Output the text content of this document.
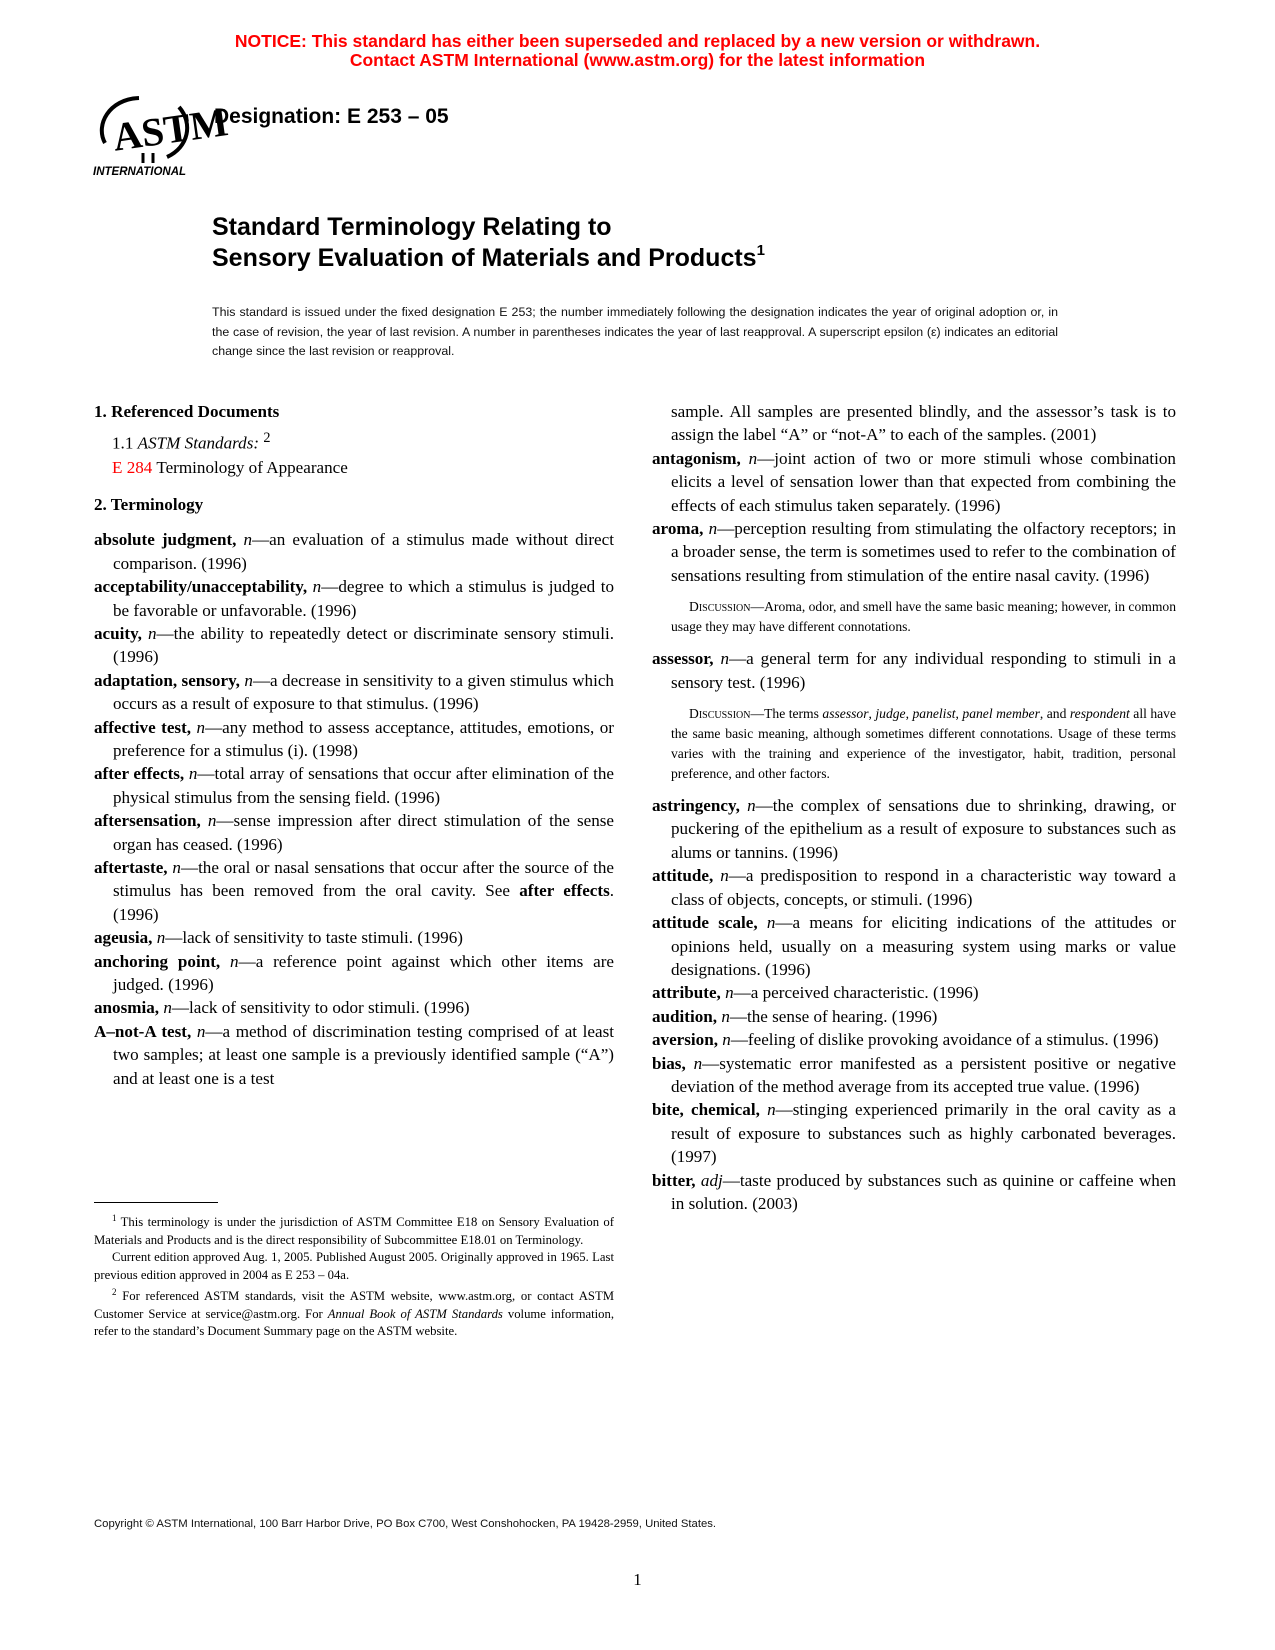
NOTICE: This standard has either been superseded and replaced by a new version or withdrawn.
Contact ASTM International (www.astm.org) for the latest information
ASTM
INTERNATIONAL
Designation: E 253 – 05
Standard Terminology Relating to
Sensory Evaluation of Materials and Products$^1$
This standard is issued under the fixed designation E 253; the number immediately following the designation indicates the year of original adoption or, in the case of revision, the year of last revision. A number in parentheses indicates the year of last reapproval. A superscript epsilon (ε) indicates an editorial change since the last revision or reapproval.
1. Referenced Documents

1.1 ASTM Standards: $^2$

E 284 Terminology of Appearance

2. Terminology

absolute judgment, n—an evaluation of a stimulus made without direct comparison. (1996)

acceptability/unacceptability, n—degree to which a stimulus is judged to be favorable or unfavorable. (1996)

acuity, n—the ability to repeatedly detect or discriminate sensory stimuli. (1996)

adaptation, sensory, n—a decrease in sensitivity to a given stimulus which occurs as a result of exposure to that stimulus. (1996)

affective test, n—any method to assess acceptance, attitudes, emotions, or preference for a stimulus (i). (1998)

after effects, n—total array of sensations that occur after elimination of the physical stimulus from the sensing field. (1996)

aftersensation, n—sense impression after direct stimulation of the sense organ has ceased. (1996)

aftertaste, n—the oral or nasal sensations that occur after the source of the stimulus has been removed from the oral cavity. See after effects. (1996)

ageusia, n—lack of sensitivity to taste stimuli. (1996)

anchoring point, n—a reference point against which other items are judged. (1996)

anosmia, n—lack of sensitivity to odor stimuli. (1996)

A–not-A test, n—a method of discrimination testing comprised of at least two samples; at least one sample is a previously identified sample (“A”) and at least one is a test

sample. All samples are presented blindly, and the assessor’s task is to assign the label “A” or “not-A” to each of the samples. (2001)

antagonism, n—joint action of two or more stimuli whose combination elicits a level of sensation lower than that expected from combining the effects of each stimulus taken separately. (1996)

aroma, n—perception resulting from stimulating the olfactory receptors; in a broader sense, the term is sometimes used to refer to the combination of sensations resulting from stimulation of the entire nasal cavity. (1996)

Discussion—Aroma, odor, and smell have the same basic meaning; however, in common usage they may have different connotations.

assessor, n—a general term for any individual responding to stimuli in a sensory test. (1996)

Discussion—The terms assessor, judge, panelist, panel member, and respondent all have the same basic meaning, although sometimes different connotations. Usage of these terms varies with the training and experience of the investigator, habit, tradition, personal preference, and other factors.

astringency, n—the complex of sensations due to shrinking, drawing, or puckering of the epithelium as a result of exposure to substances such as alums or tannins. (1996)

attitude, n—a predisposition to respond in a characteristic way toward a class of objects, concepts, or stimuli. (1996)

attitude scale, n—a means for eliciting indications of the attitudes or opinions held, usually on a measuring system using marks or value designations. (1996)

attribute, n—a perceived characteristic. (1996)

audition, n—the sense of hearing. (1996)

aversion, n—feeling of dislike provoking avoidance of a stimulus. (1996)

bias, n—systematic error manifested as a persistent positive or negative deviation of the method average from its accepted true value. (1996)

bite, chemical, n—stinging experienced primarily in the oral cavity as a result of exposure to substances such as highly carbonated beverages. (1997)

bitter, adj—taste produced by substances such as quinine or caffeine when in solution. (2003)

$^1$ This terminology is under the jurisdiction of ASTM Committee E18 on Sensory Evaluation of Materials and Products and is the direct responsibility of Subcommittee E18.01 on Terminology.

Current edition approved Aug. 1, 2005. Published August 2005. Originally approved in 1965. Last previous edition approved in 2004 as E 253 – 04a.

$^2$ For referenced ASTM standards, visit the ASTM website, www.astm.org, or contact ASTM Customer Service at service@astm.org. For Annual Book of ASTM Standards volume information, refer to the standard’s Document Summary page on the ASTM website.

Copyright © ASTM International, 100 Barr Harbor Drive, PO Box C700, West Conshohocken, PA 19428-2959, United States.
1
